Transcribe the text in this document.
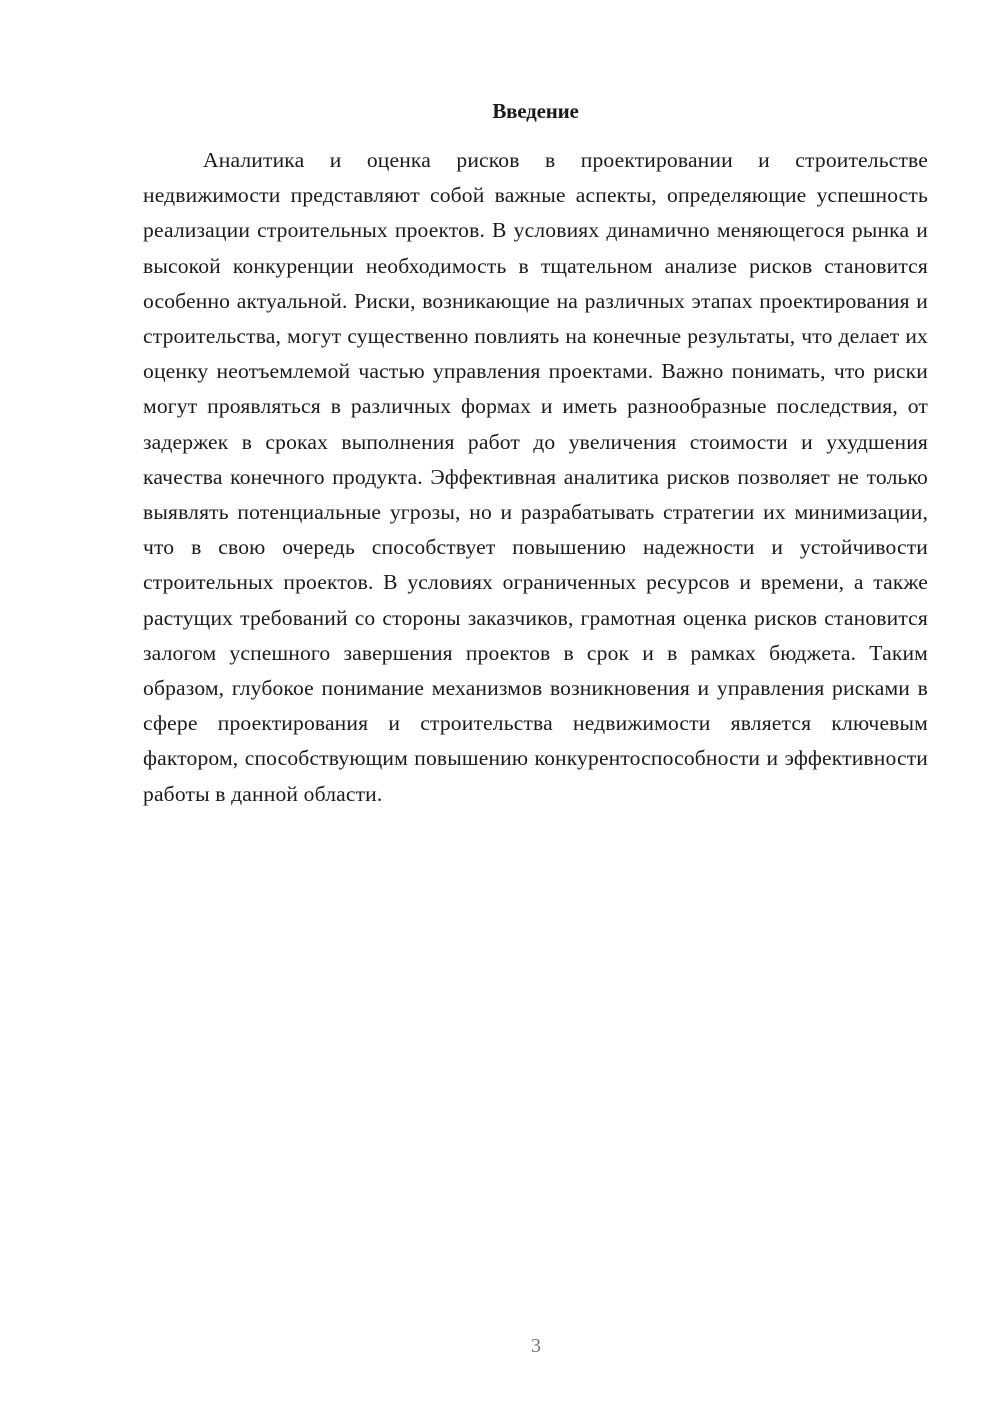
Введение

Аналитика и оценка рисков в проектировании и строительстве недвижимости представляют собой важные аспекты, определяющие успешность реализации строительных проектов. В условиях динамично меняющегося рынка и высокой конкуренции необходимость в тщательном анализе рисков становится особенно актуальной. Риски, возникающие на различных этапах проектирования и строительства, могут существенно повлиять на конечные результаты, что делает их оценку неотъемлемой частью управления проектами. Важно понимать, что риски могут проявляться в различных формах и иметь разнообразные последствия, от задержек в сроках выполнения работ до увеличения стоимости и ухудшения качества конечного продукта. Эффективная аналитика рисков позволяет не только выявлять потенциальные угрозы, но и разрабатывать стратегии их минимизации, что в свою очередь способствует повышению надежности и устойчивости строительных проектов. В условиях ограниченных ресурсов и времени, а также растущих требований со стороны заказчиков, грамотная оценка рисков становится залогом успешного завершения проектов в срок и в рамках бюджета. Таким образом, глубокое понимание механизмов возникновения и управления рисками в сфере проектирования и строительства недвижимости является ключевым фактором, способствующим повышению конкурентоспособности и эффективности работы в данной области.

3
